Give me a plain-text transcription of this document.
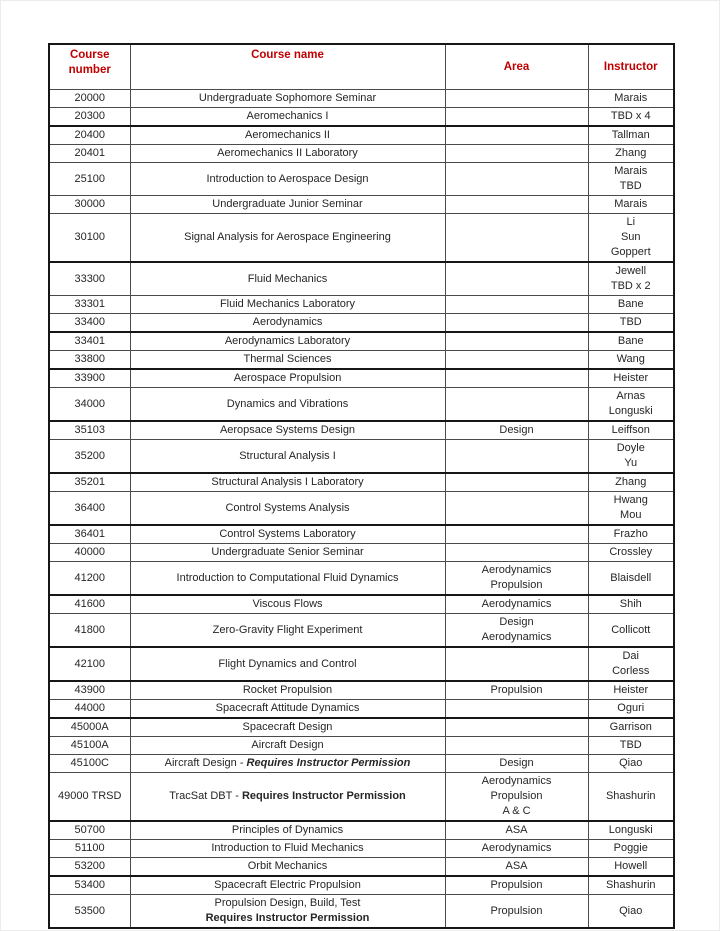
Course number	Course name	Area	Instructor
20000	Undergraduate Sophomore Seminar		Marais

20300	Aeromechanics I		TBD x 4

20400	Aeromechanics II		Tallman

20401	Aeromechanics II Laboratory		Zhang

25100	Introduction to Aerospace Design		Marais
TBD

30000	Undergraduate Junior Seminar		Marais

30100	Signal Analysis for Aerospace Engineering		Li
Sun
Goppert

33300	Fluid Mechanics		Jewell
TBD x 2

33301	Fluid Mechanics Laboratory		Bane

33400	Aerodynamics		TBD

33401	Aerodynamics Laboratory		Bane

33800	Thermal Sciences		Wang

33900	Aerospace Propulsion		Heister

34000	Dynamics and Vibrations		Arnas
Longuski

35103	Aeropsace Systems Design	Design	Leiffson

35200	Structural Analysis I		Doyle
Yu

35201	Structural Analysis I Laboratory		Zhang

36400	Control Systems Analysis		Hwang
Mou

36401	Control Systems Laboratory		Frazho

40000	Undergraduate Senior Seminar		Crossley

41200	Introduction to Computational Fluid Dynamics	Aerodynamics
Propulsion	Blaisdell

41600	Viscous Flows	Aerodynamics	Shih

41800	Zero-Gravity Flight Experiment	Design
Aerodynamics	Collicott

42100	Flight Dynamics and Control		Dai
Corless

43900	Rocket Propulsion	Propulsion	Heister

44000	Spacecraft Attitude Dynamics		Oguri

45000A	Spacecraft Design		Garrison

45100A	Aircraft Design		TBD

45100C	Aircraft Design - Requires Instructor Permission	Design	Qiao

49000 TRSD	TracSat DBT - Requires Instructor Permission	Aerodynamics
Propulsion
A & C	Shashurin

50700	Principles of Dynamics	ASA	Longuski

51100	Introduction to Fluid Mechanics	Aerodynamics	Poggie

53200	Orbit Mechanics	ASA	Howell

53400	Spacecraft Electric Propulsion	Propulsion	Shashurin

53500	Propulsion Design, Build, Test
Requires Instructor Permission	Propulsion	Qiao
